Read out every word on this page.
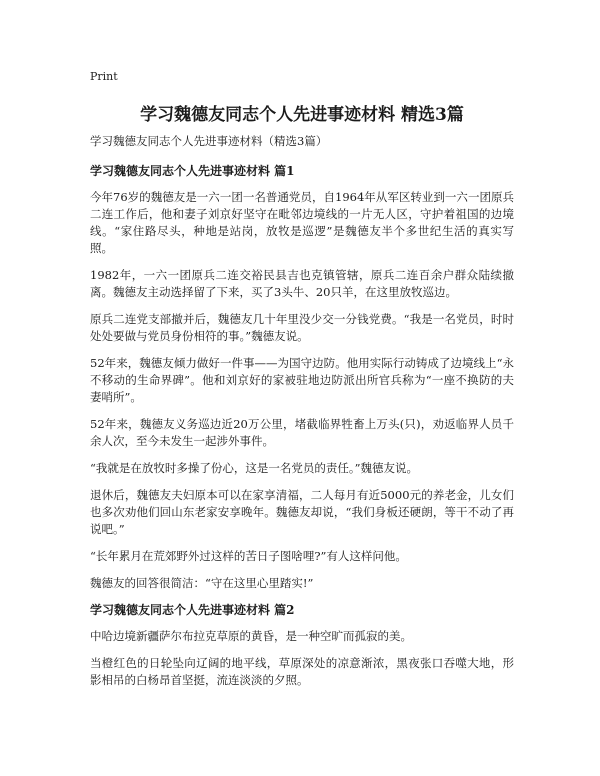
Print
学习魏德友同志个人先进事迹材料 精选3篇

学习魏德友同志个人先进事迹材料（精选3篇）

学习魏德友同志个人先进事迹材料 篇1

今年76岁的魏德友是一六一团一名普通党员，自1964年从军区转业到一六一团原兵二连工作后，他和妻子刘京好坚守在毗邻边境线的一片无人区，守护着祖国的边境线。“家住路尽头，种地是站岗，放牧是巡逻”是魏德友半个多世纪生活的真实写照。

1982年，一六一团原兵二连交裕民县吉也克镇管辖，原兵二连百余户群众陆续撤离。魏德友主动选择留了下来，买了3头牛、20只羊，在这里放牧巡边。

原兵二连党支部撤并后，魏德友几十年里没少交一分钱党费。“我是一名党员，时时处处要做与党员身份相符的事。”魏德友说。

52年来，魏德友倾力做好一件事——为国守边防。他用实际行动铸成了边境线上“永不移动的生命界碑”。他和刘京好的家被驻地边防派出所官兵称为“一座不换防的夫妻哨所”。

52年来，魏德友义务巡边近20万公里，堵截临界牲畜上万头(只)，劝返临界人员千余人次，至今未发生一起涉外事件。

“我就是在放牧时多操了份心，这是一名党员的责任。”魏德友说。

退休后，魏德友夫妇原本可以在家享清福，二人每月有近5000元的养老金，儿女们也多次劝他们回山东老家安享晚年。魏德友却说，“我们身板还硬朗，等干不动了再说吧。”

“长年累月在荒郊野外过这样的苦日子图啥哩?”有人这样问他。

魏德友的回答很简洁：“守在这里心里踏实!”

学习魏德友同志个人先进事迹材料 篇2

中哈边境新疆萨尔布拉克草原的黄昏，是一种空旷而孤寂的美。

当橙红色的日轮坠向辽阔的地平线，草原深处的凉意渐浓，黑夜张口吞噬大地，形影相吊的白杨昂首坚挺，流连淡淡的夕照。
